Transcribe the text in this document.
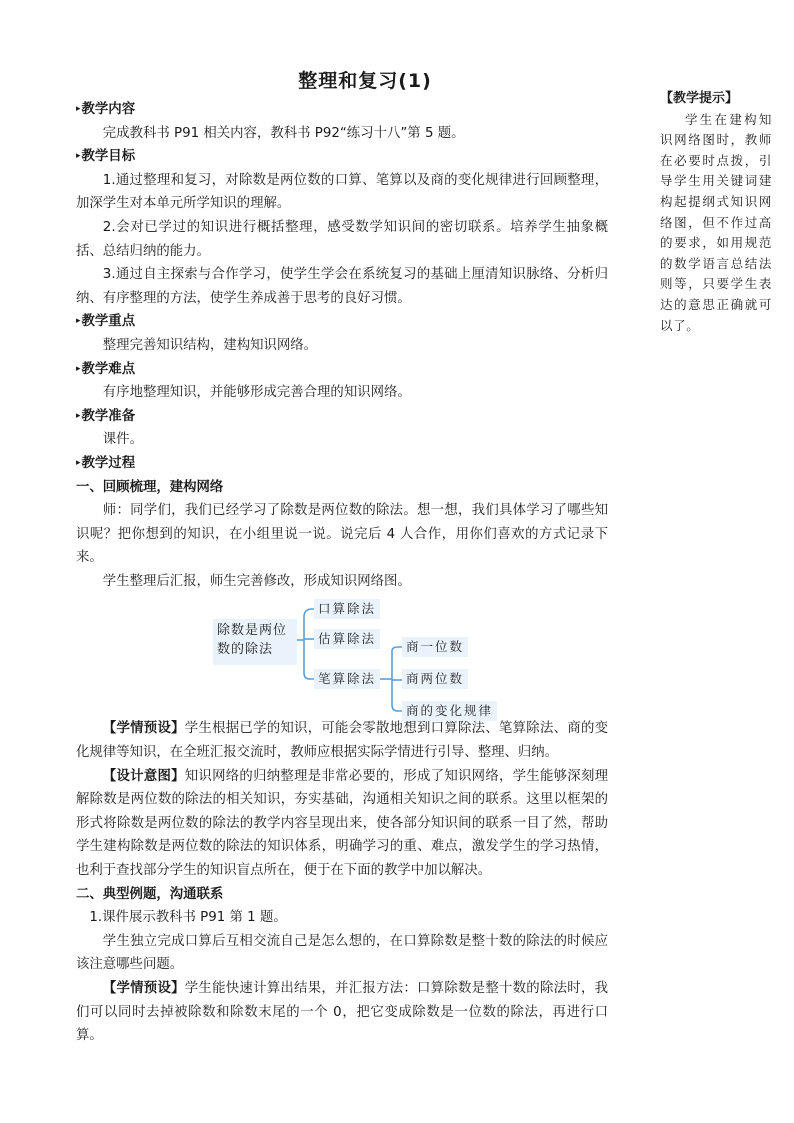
整理和复习(1)

▸ 教学内容

完成教科书 P91 相关内容，教科书 P92“练习十八”第 5 题。

▸ 教学目标

1.通过整理和复习，对除数是两位数的口算、笔算以及商的变化规律进行回顾整理，加深学生对本单元所学知识的理解。

2.会对已学过的知识进行概括整理，感受数学知识间的密切联系。培养学生抽象概括、总结归纳的能力。

3.通过自主探索与合作学习，使学生学会在系统复习的基础上厘清知识脉络、分析归纳、有序整理的方法，使学生养成善于思考的良好习惯。

▸ 教学重点

整理完善知识结构，建构知识网络。

▸ 教学难点

有序地整理知识，并能够形成完善合理的知识网络。

▸ 教学准备

课件。

▸ 教学过程

一、回顾梳理，建构网络

师：同学们，我们已经学习了除数是两位数的除法。想一想，我们具体学习了哪些知识呢？把你想到的知识，在小组里说一说。说完后 4 人合作，用你们喜欢的方式记录下来。

学生整理后汇报，师生完善修改，形成知识网络图。

除数是两位数的除法
口算除法
估算除法
笔算除法
商一位数
商两位数
商的变化规律

【学情预设】学生根据已学的知识，可能会零散地想到口算除法、笔算除法、商的变化规律等知识，在全班汇报交流时，教师应根据实际学情进行引导、整理、归纳。

【设计意图】知识网络的归纳整理是非常必要的，形成了知识网络，学生能够深刻理解除数是两位数的除法的相关知识，夯实基础，沟通相关知识之间的联系。这里以框架的形式将除数是两位数的除法的教学内容呈现出来，使各部分知识间的联系一目了然，帮助学生建构除数是两位数的除法的知识体系，明确学习的重、难点，激发学生的学习热情，也利于查找部分学生的知识盲点所在，便于在下面的教学中加以解决。

二、典型例题，沟通联系

1.课件展示教科书 P91 第 1 题。

学生独立完成口算后互相交流自己是怎么想的，在口算除数是整十数的除法的时候应该注意哪些问题。

【学情预设】学生能快速计算出结果，并汇报方法：口算除数是整十数的除法时，我们可以同时去掉被除数和除数末尾的一个 0，把它变成除数是一位数的除法，再进行口算。

【教学提示】
学生在建构知识网络图时，教师在必要时点拨，引导学生用关键词建构起提纲式知识网络图，但不作过高的要求，如用规范的数学语言总结法则等，只要学生表达的意思正确就可以了。
